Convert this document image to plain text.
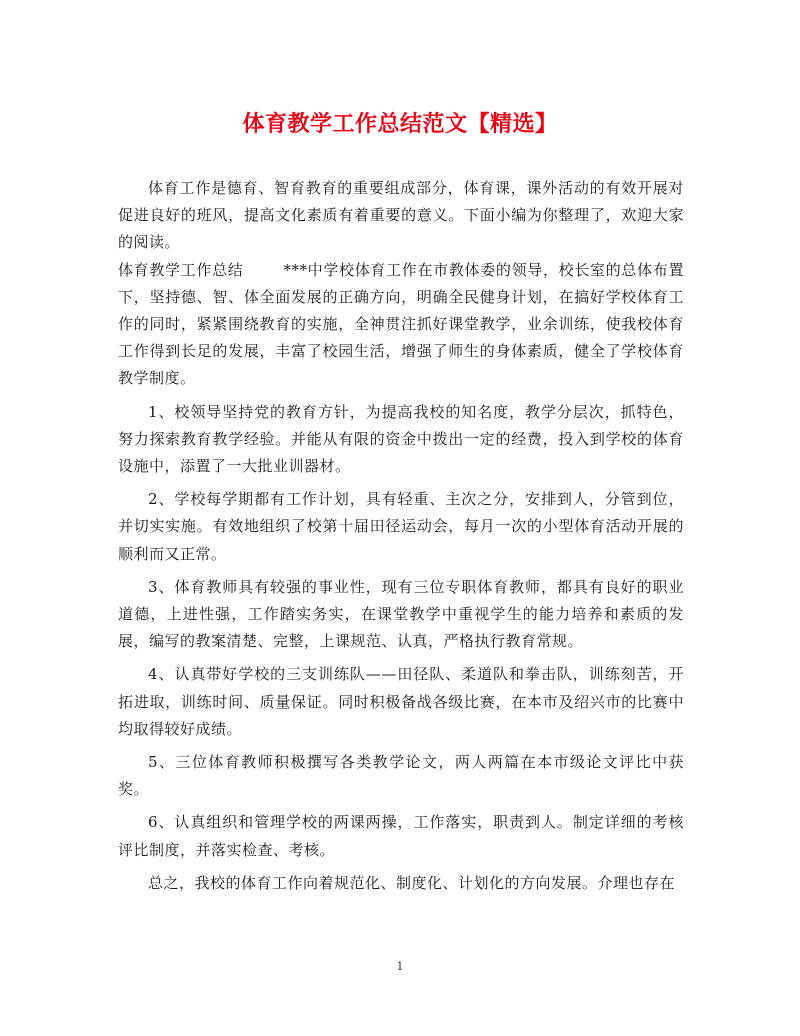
体育教学工作总结范文【精选】

体育工作是德育、智育教育的重要组成部分，体育课，课外活动的有效开展对促进良好的班风，提高文化素质有着重要的意义。下面小编为你整理了，欢迎大家的阅读。

体育教学工作总结	***中学校体育工作在市教体委的领导，校长室的总体布置下，坚持德、智、体全面发展的正确方向，明确全民健身计划，在搞好学校体育工作的同时，紧紧围绕教育的实施，全神贯注抓好课堂教学，业余训练，使我校体育工作得到长足的发展，丰富了校园生活，增强了师生的身体素质，健全了学校体育教学制度。

1、校领导坚持党的教育方针，为提高我校的知名度，教学分层次，抓特色，努力探索教育教学经验。并能从有限的资金中拨出一定的经费，投入到学校的体育设施中，添置了一大批业训器材。

2、学校每学期都有工作计划，具有轻重、主次之分，安排到人，分管到位，并切实实施。有效地组织了校第十届田径运动会，每月一次的小型体育活动开展的顺利而又正常。

3、体育教师具有较强的事业性，现有三位专职体育教师，都具有良好的职业道德，上进性强，工作踏实务实，在课堂教学中重视学生的能力培养和素质的发展，编写的教案清楚、完整，上课规范、认真，严格执行教育常规。

4、认真带好学校的三支训练队——田径队、柔道队和拳击队，训练刻苦，开拓进取，训练时间、质量保证。同时积极备战各级比赛，在本市及绍兴市的比赛中均取得较好成绩。

5、三位体育教师积极撰写各类教学论文，两人两篇在本市级论文评比中获奖。

6、认真组织和管理学校的两课两操，工作落实，职责到人。制定详细的考核评比制度，并落实检查、考核。

总之，我校的体育工作向着规范化、制度化、计划化的方向发展。介理也存在

1
